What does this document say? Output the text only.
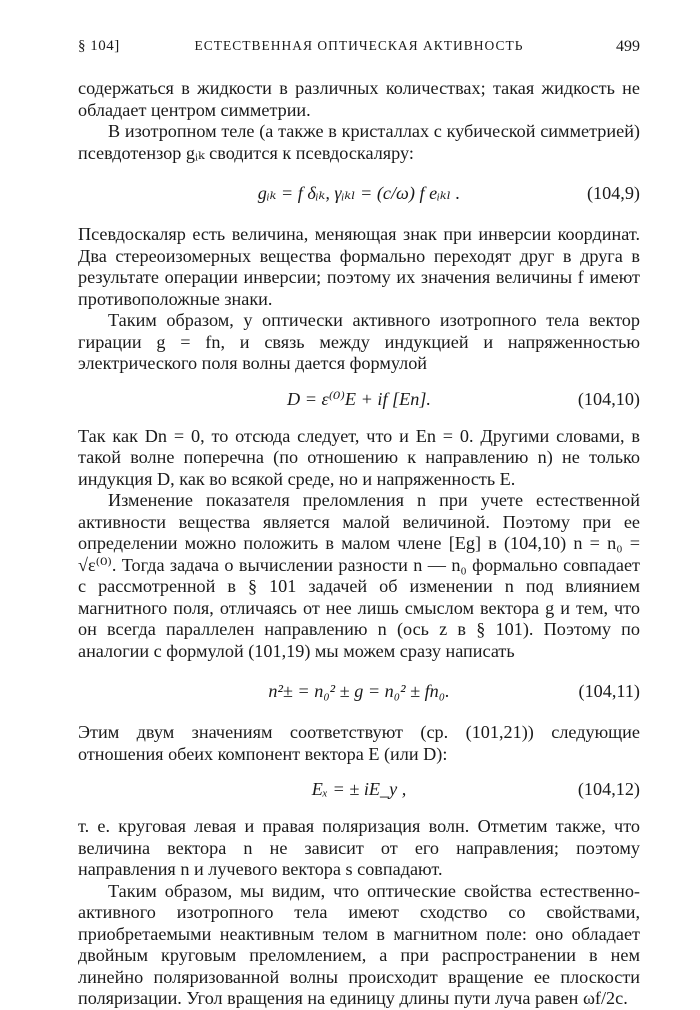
§ 104]	ЕСТЕСТВЕННАЯ ОПТИЧЕСКАЯ АКТИВНОСТЬ	499

содержаться в жидкости в различных количествах; такая жидкость не обладает центром симметрии.

В изотропном теле (а также в кристаллах с кубической симметрией) псевдотензор gᵢₖ сводится к псевдоскаляру:

gᵢₖ = f δᵢₖ, γᵢₖₗ = (c/ω) f eᵢₖₗ .	(104,9)

Псевдоскаляр есть величина, меняющая знак при инверсии координат. Два стереоизомерных вещества формально переходят друг в друга в результате операции инверсии; поэтому их значения величины f имеют противоположные знаки.

Таким образом, у оптически активного изотропного тела вектор гирации g = fn, и связь между индукцией и напряженностью электрического поля волны дается формулой

D = ε⁽⁰⁾E + if [En].	(104,10)

Так как Dn = 0, то отсюда следует, что и En = 0. Другими словами, в такой волне поперечна (по отношению к направлению n) не только индукция D, как во всякой среде, но и напряженность E.

Изменение показателя преломления n при учете естественной активности вещества является малой величиной. Поэтому при ее определении можно положить в малом члене [Eg] в (104,10) n = n₀ = √ε⁽⁰⁾. Тогда задача о вычислении разности n — n₀ формально совпадает с рассмотренной в § 101 задачей об изменении n под влиянием магнитного поля, отличаясь от нее лишь смыслом вектора g и тем, что он всегда параллелен направлению n (ось z в § 101). Поэтому по аналогии с формулой (101,19) мы можем сразу написать

n²± = n₀² ± g = n₀² ± fn₀.	(104,11)

Этим двум значениям соответствуют (ср. (101,21)) следующие отношения обеих компонент вектора E (или D):

Eₓ = ± iE_y ,	(104,12)

т. е. круговая левая и правая поляризация волн. Отметим также, что величина вектора n не зависит от его направления; поэтому направления n и лучевого вектора s совпадают.

Таким образом, мы видим, что оптические свойства естественно-активного изотропного тела имеют сходство со свойствами, приобретаемыми неактивным телом в магнитном поле: оно обладает двойным круговым преломлением, а при распространении в нем линейно поляризованной волны происходит вращение ее плоскости поляризации. Угол вращения на единицу длины пути луча равен ωf/2c.
